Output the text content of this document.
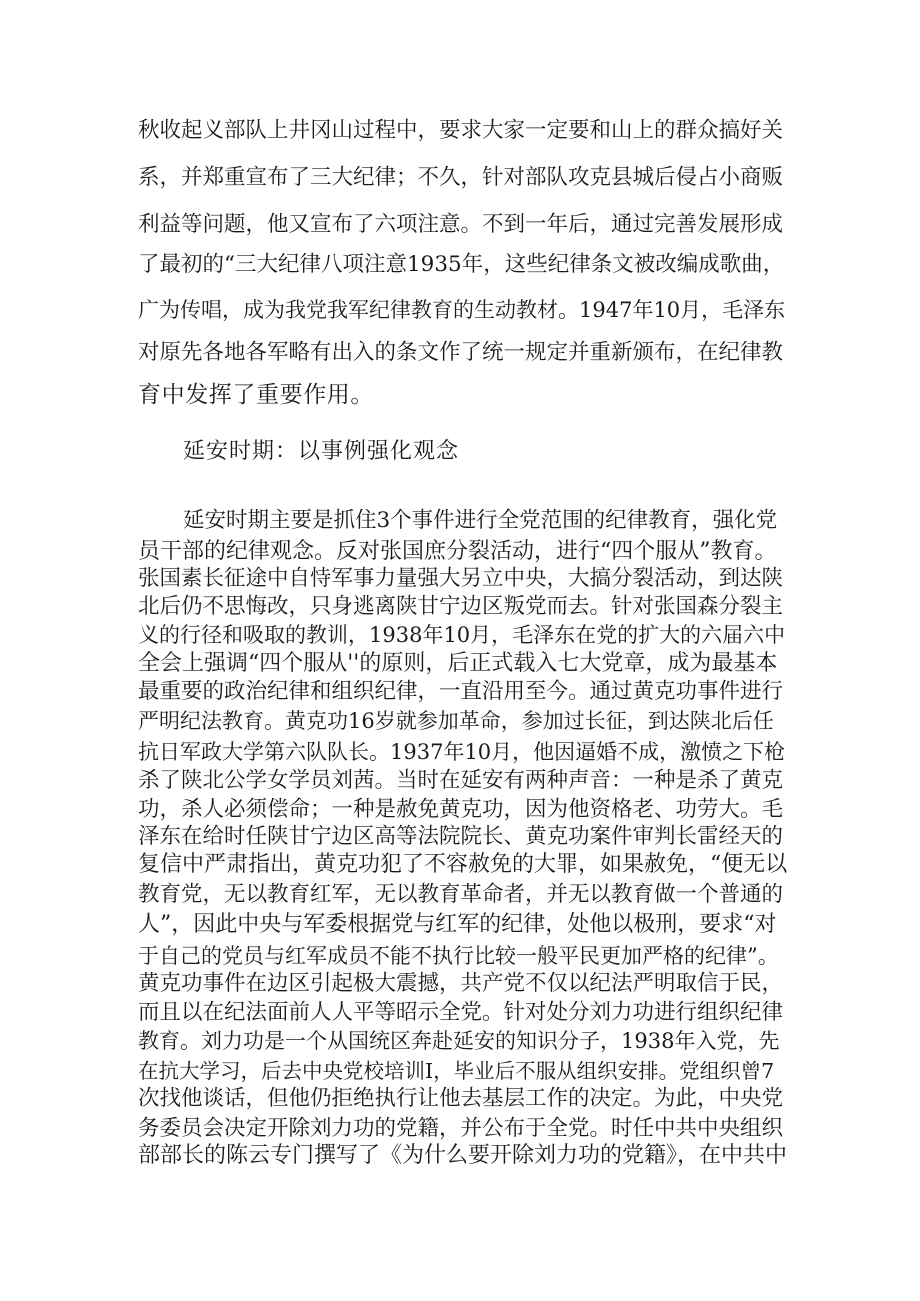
秋收起义部队上井冈山过程中，要求大家一定要和山上的群众搞好关

系，并郑重宣布了三大纪律；不久，针对部队攻克县城后侵占小商贩

利益等问题，他又宣布了六项注意。不到一年后，通过完善发展形成

了最初的“三大纪律八项注意1935年，这些纪律条文被改编成歌曲，

广为传唱，成为我党我军纪律教育的生动教材。1947年10月，毛泽东

对原先各地各军略有出入的条文作了统一规定并重新颁布，在纪律教

育中发挥了重要作用。

延安时期：以事例强化观念

延安时期主要是抓住3个事件进行全党范围的纪律教育，强化党

员干部的纪律观念。反对张国庶分裂活动，进行“四个服从”教育。

张国素长征途中自恃军事力量强大另立中央，大搞分裂活动，到达陕

北后仍不思悔改，只身逃离陕甘宁边区叛党而去。针对张国森分裂主

义的行径和吸取的教训，1938年10月，毛泽东在党的扩大的六届六中

全会上强调“四个服从''的原则，后正式载入七大党章，成为最基本

最重要的政治纪律和组织纪律，一直沿用至今。通过黄克功事件进行

严明纪法教育。黄克功16岁就参加革命，参加过长征，到达陕北后任

抗日军政大学第六队队长。1937年10月，他因逼婚不成，激愤之下枪

杀了陕北公学女学员刘茜。当时在延安有两种声音：一种是杀了黄克

功，杀人必须偿命；一种是赦免黄克功，因为他资格老、功劳大。毛

泽东在给时任陕甘宁边区高等法院院长、黄克功案件审判长雷经天的

复信中严肃指出，黄克功犯了不容赦免的大罪，如果赦免，“便无以

教育党，无以教育红军，无以教育革命者，并无以教育做一个普通的

人”，因此中央与军委根据党与红军的纪律，处他以极刑，要求“对

于自己的党员与红军成员不能不执行比较一般平民更加严格的纪律”。

黄克功事件在边区引起极大震撼，共产党不仅以纪法严明取信于民，

而且以在纪法面前人人平等昭示全党。针对处分刘力功进行组织纪律

教育。刘力功是一个从国统区奔赴延安的知识分子，1938年入党，先

在抗大学习，后去中央党校培训I，毕业后不服从组织安排。党组织曾7

次找他谈话，但他仍拒绝执行让他去基层工作的决定。为此，中央党

务委员会决定开除刘力功的党籍，并公布于全党。时任中共中央组织

部部长的陈云专门撰写了《为什么要开除刘力功的党籍》，在中共中
